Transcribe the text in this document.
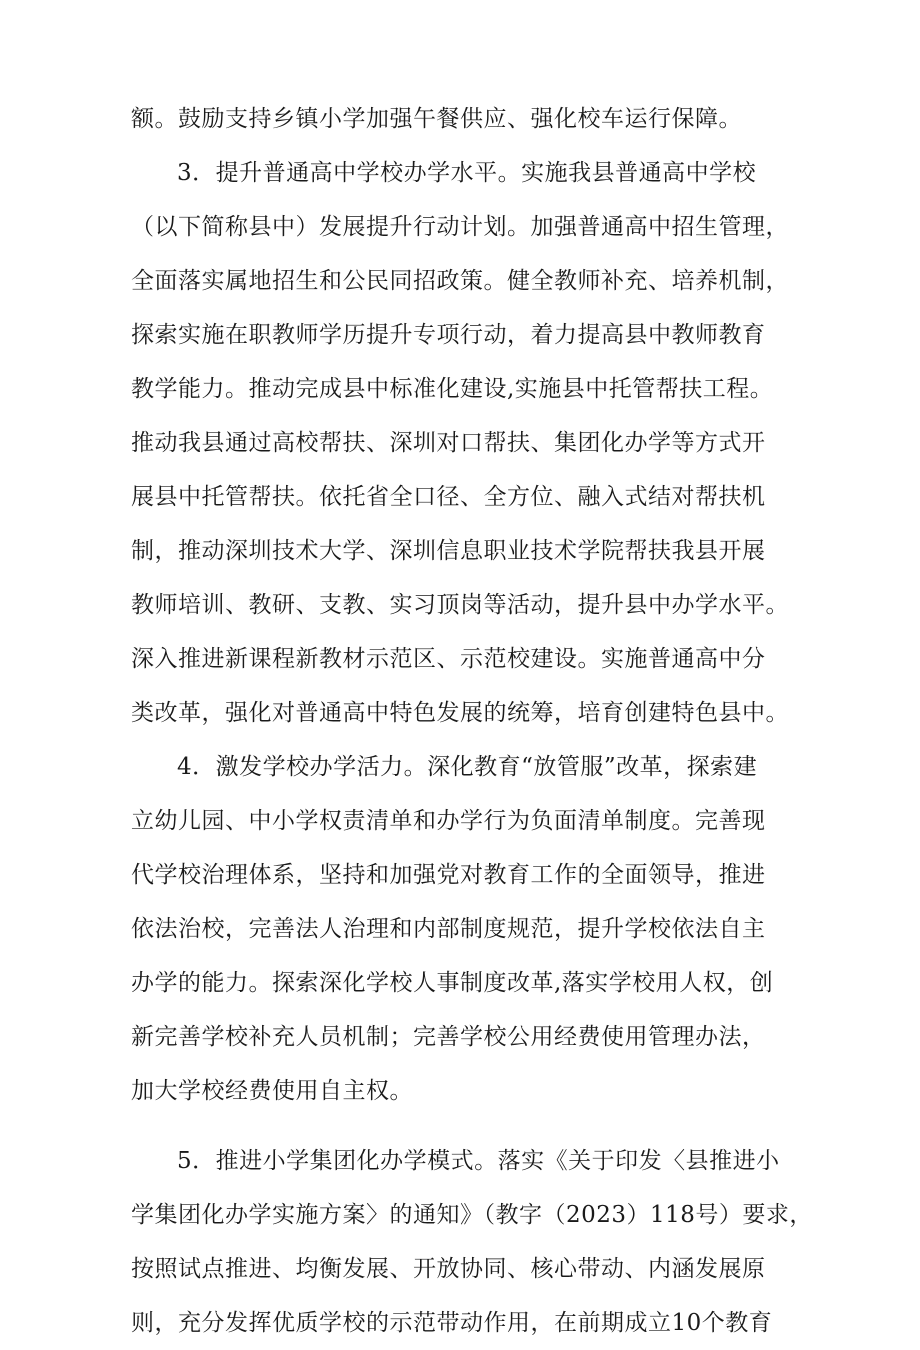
额。鼓励支持乡镇小学加强午餐供应、强化校车运行保障。
3．提升普通高中学校办学水平。实施我县普通高中学校
（以下简称县中）发展提升行动计划。加强普通高中招生管理，
全面落实属地招生和公民同招政策。健全教师补充、培养机制，
探索实施在职教师学历提升专项行动，着力提高县中教师教育
教学能力。推动完成县中标准化建设,实施县中托管帮扶工程。
推动我县通过高校帮扶、深圳对口帮扶、集团化办学等方式开
展县中托管帮扶。依托省全口径、全方位、融入式结对帮扶机
制，推动深圳技术大学、深圳信息职业技术学院帮扶我县开展
教师培训、教研、支教、实习顶岗等活动，提升县中办学水平。
深入推进新课程新教材示范区、示范校建设。实施普通高中分
类改革，强化对普通高中特色发展的统筹，培育创建特色县中。
4．激发学校办学活力。深化教育“放管服”改革，探索建
立幼儿园、中小学权责清单和办学行为负面清单制度。完善现
代学校治理体系，坚持和加强党对教育工作的全面领导，推进
依法治校，完善法人治理和内部制度规范，提升学校依法自主
办学的能力。探索深化学校人事制度改革,落实学校用人权，创
新完善学校补充人员机制；完善学校公用经费使用管理办法，
加大学校经费使用自主权。
5．推进小学集团化办学模式。落实《关于印发〈县推进小
学集团化办学实施方案〉的通知》（教字（2023）118号）要求，
按照试点推进、均衡发展、开放协同、核心带动、内涵发展原
则，充分发挥优质学校的示范带动作用，在前期成立10个教育
